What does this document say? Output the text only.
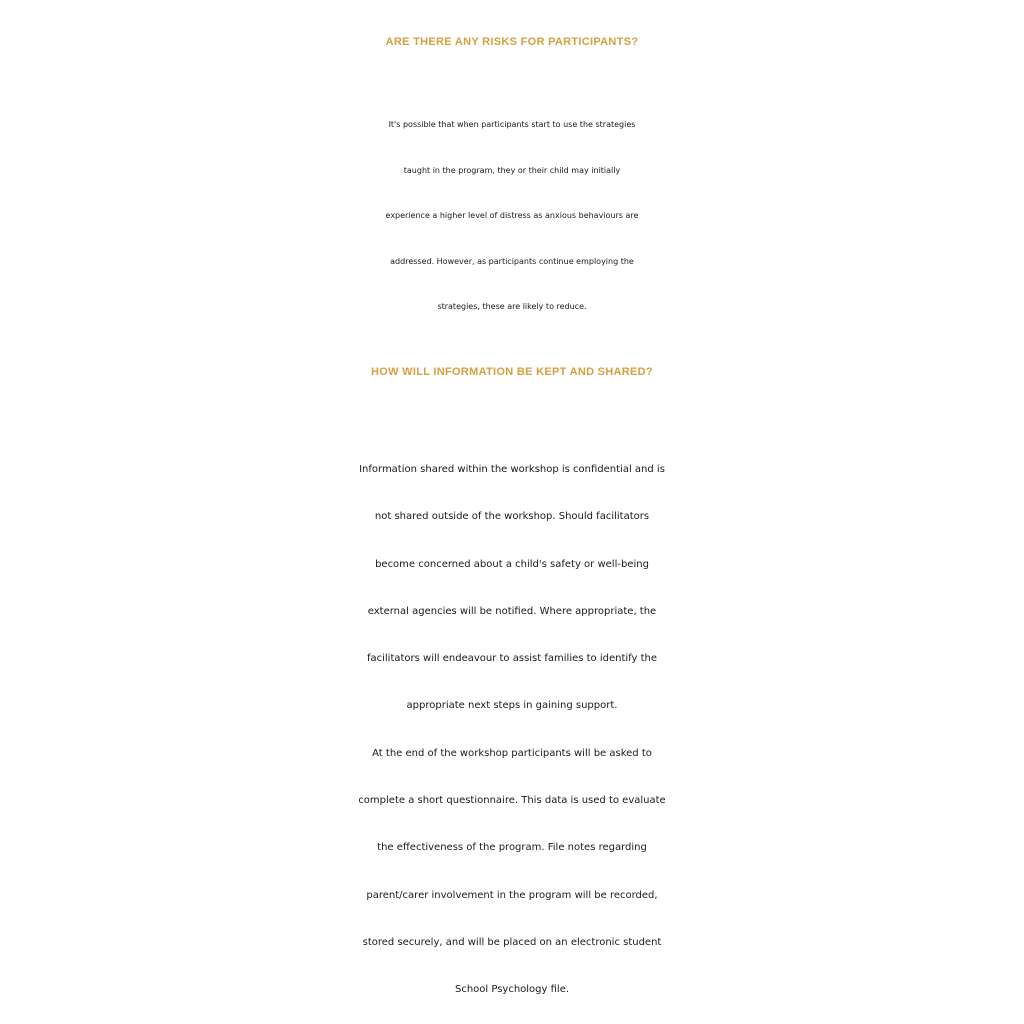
ARE THERE ANY RISKS FOR PARTICIPANTS?

It's possible that when participants start to use the strategies
taught in the program, they or their child may initially
experience a higher level of distress as anxious behaviours are
addressed. However, as participants continue employing the
strategies, these are likely to reduce.

HOW WILL INFORMATION BE KEPT AND SHARED?

Information shared within the workshop is confidential and is
not shared outside of the workshop. Should facilitators
become concerned about a child's safety or well-being
external agencies will be notified. Where appropriate, the
facilitators will endeavour to assist families to identify the
appropriate next steps in gaining support.
At the end of the workshop participants will be asked to
complete a short questionnaire. This data is used to evaluate
the effectiveness of the program. File notes regarding
parent/carer involvement in the program will be recorded,
stored securely, and will be placed on an electronic student
School Psychology file.
